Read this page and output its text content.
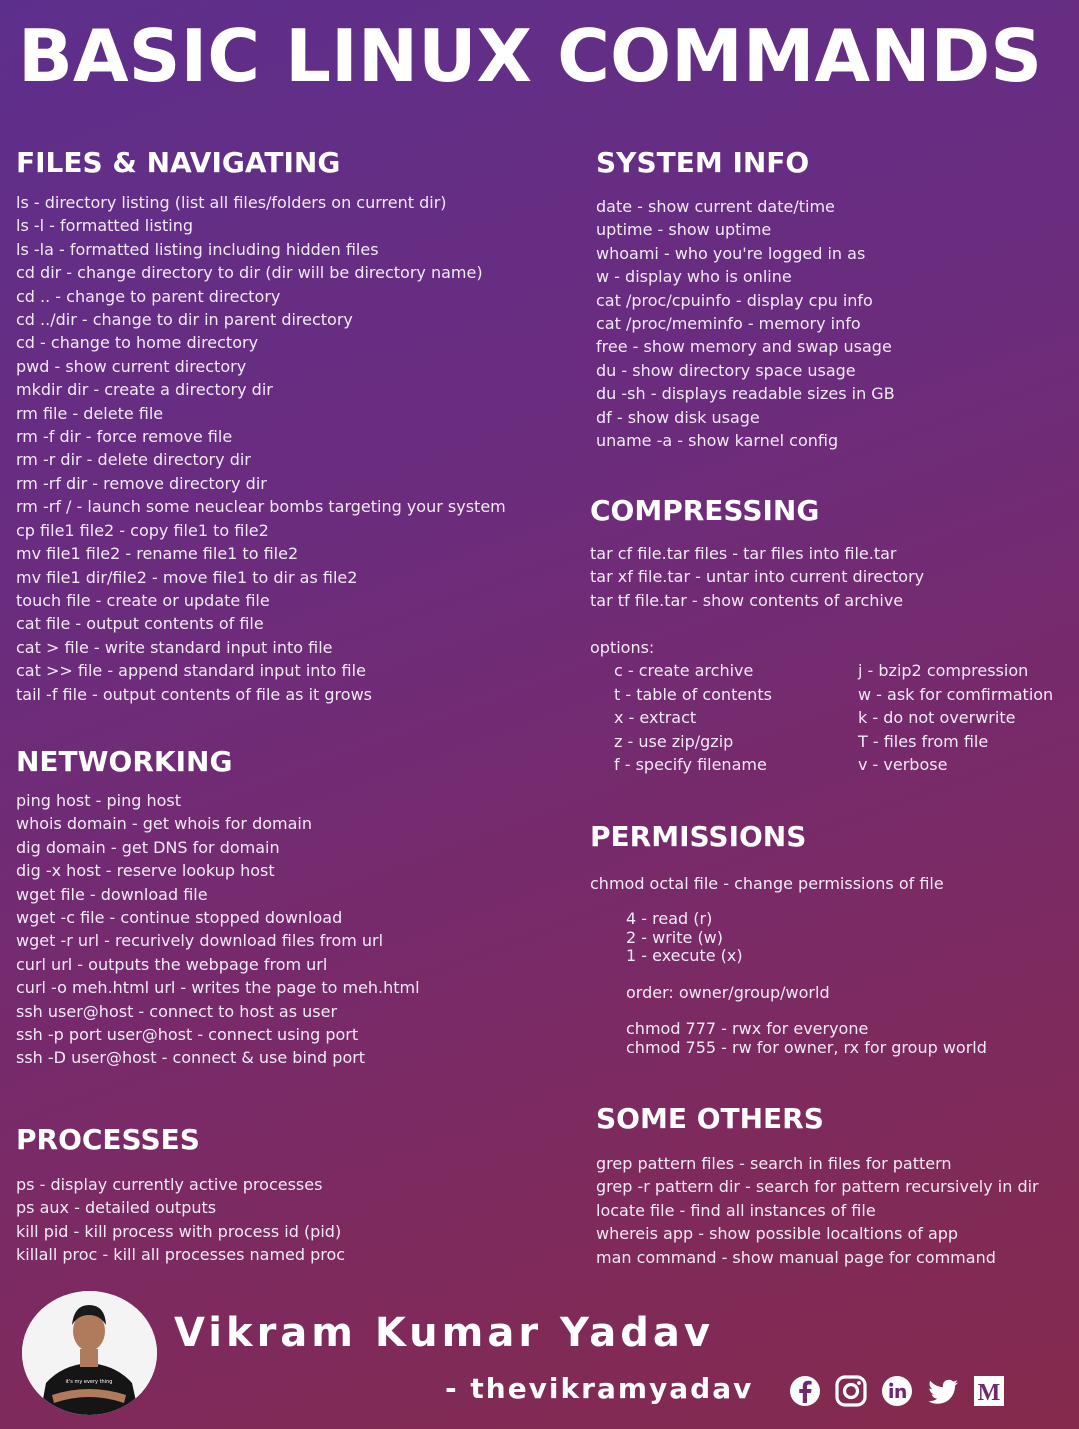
BASIC LINUX COMMANDS
FILES & NAVIGATING
ls - directory listing (list all files/folders on current dir)
ls -l - formatted listing
ls -la - formatted listing including hidden files
cd dir - change directory to dir (dir will be directory name)
cd .. - change to parent directory
cd ../dir - change to dir in parent directory
cd - change to home directory
pwd - show current directory
mkdir dir - create a directory dir
rm file - delete file
rm -f dir - force remove file
rm -r dir - delete directory dir
rm -rf dir - remove directory dir
rm -rf / - launch some neuclear bombs targeting your system
cp file1 file2 - copy file1 to file2
mv file1 file2 - rename file1 to file2
mv file1 dir/file2 - move file1 to dir as file2
touch file - create or update file
cat file - output contents of file
cat > file - write standard input into file
cat >> file - append standard input into file
tail -f file - output contents of file as it grows
NETWORKING
ping host - ping host
whois domain - get whois for domain
dig domain - get DNS for domain
dig -x host - reserve lookup host
wget file - download file
wget -c file - continue stopped download
wget -r url - recurively download files from url
curl url - outputs the webpage from url
curl -o meh.html url - writes the page to meh.html
ssh user@host - connect to host as user
ssh -p port user@host - connect using port
ssh -D user@host - connect & use bind port
PROCESSES
ps - display currently active processes
ps aux - detailed outputs
kill pid - kill process with process id (pid)
killall proc - kill all processes named proc
SYSTEM INFO
date - show current date/time
uptime - show uptime
whoami - who you're logged in as
w - display who is online
cat /proc/cpuinfo - display cpu info
cat /proc/meminfo - memory info
free - show memory and swap usage
du - show directory space usage
du -sh - displays readable sizes in GB
df - show disk usage
uname -a - show karnel config
COMPRESSING
tar cf file.tar files - tar files into file.tar
tar xf file.tar - untar into current directory
tar tf file.tar - show contents of archive
options:
c - create archive
t - table of contents
x - extract
z - use zip/gzip
f - specify filename
j - bzip2 compression
w - ask for comfirmation
k - do not overwrite
T - files from file
v - verbose
PERMISSIONS
chmod octal file - change permissions of file
4 - read (r)
2 - write (w)
1 - execute (x)
order: owner/group/world
chmod 777 - rwx for everyone
chmod 755 - rw for owner, rx for group world
SOME OTHERS
grep pattern files - search in files for pattern
grep -r pattern dir - search for pattern recursively in dir
locate file - find all instances of file
whereis app - show possible localtions of app
man command - show manual page for command
it's my every thing
Vikram Kumar Yadav
- thevikramyadav	M
